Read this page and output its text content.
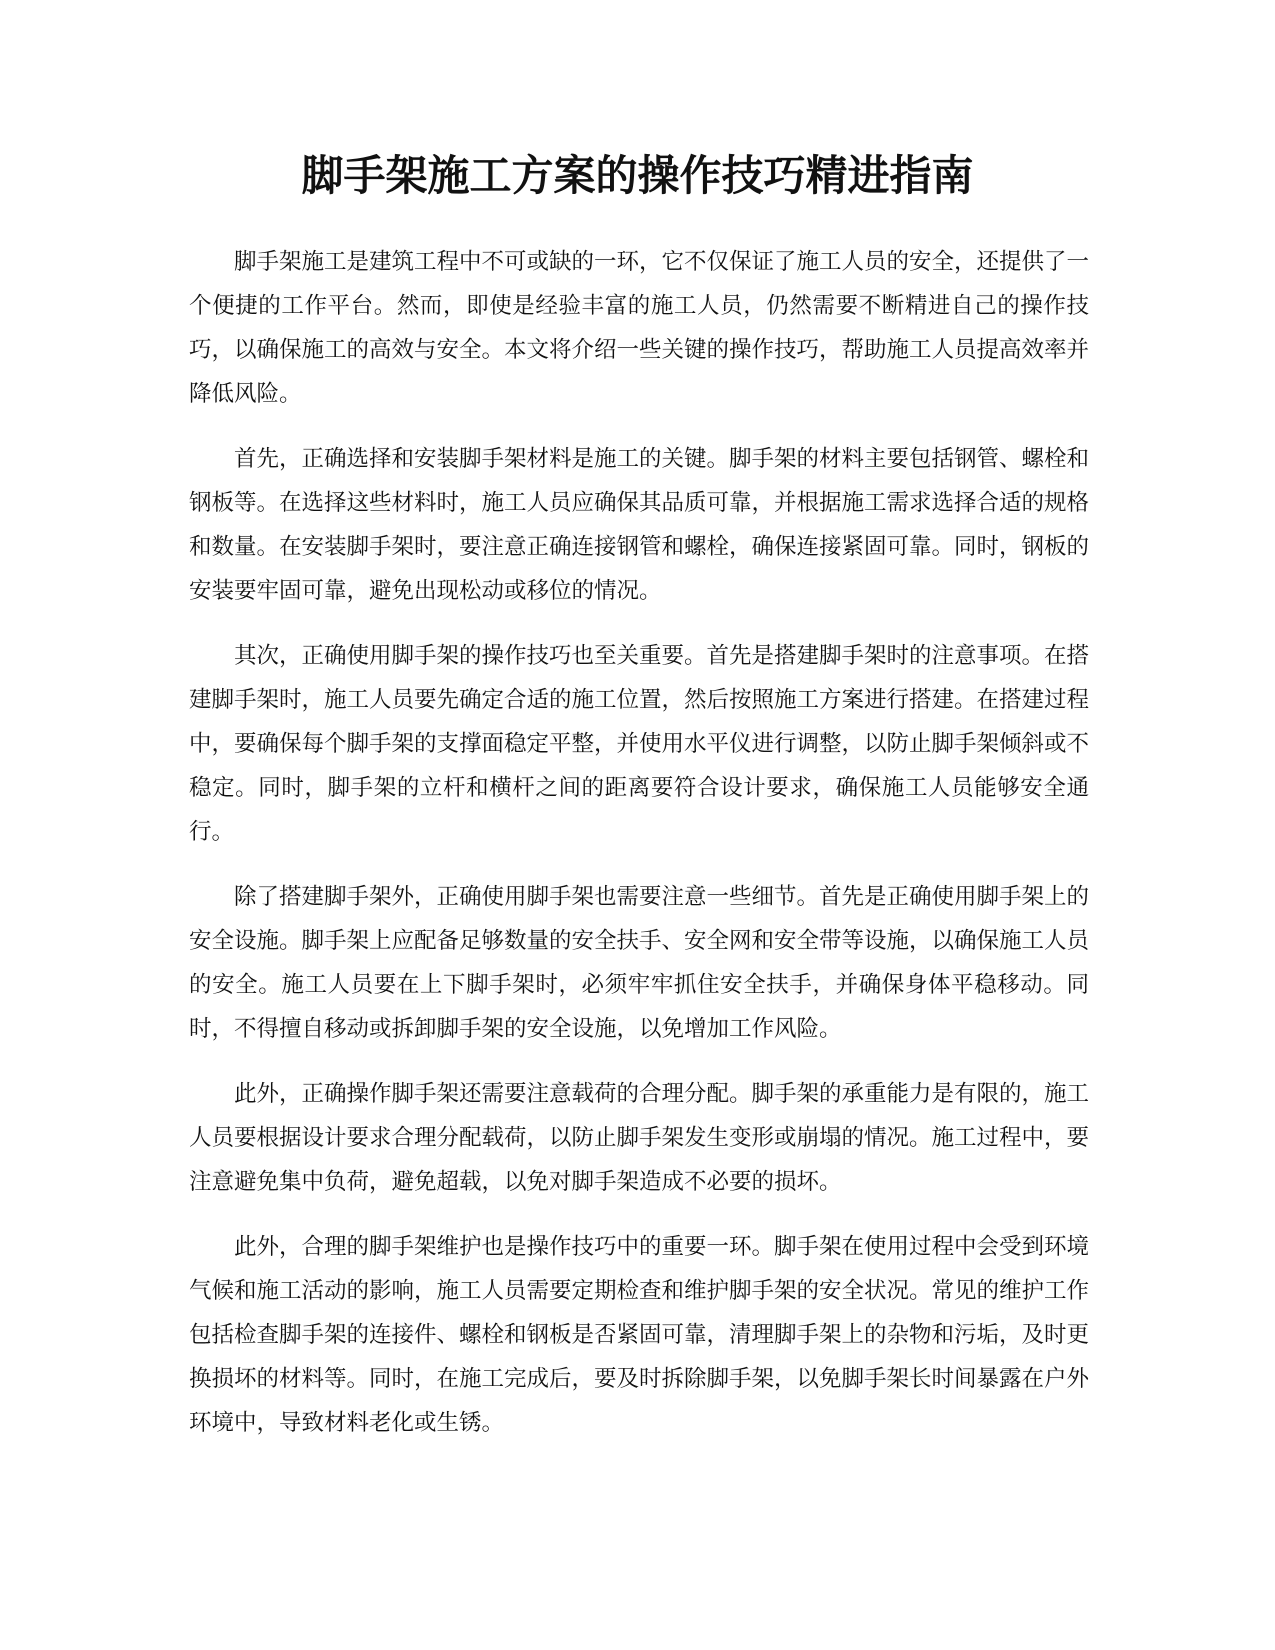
脚手架施工方案的操作技巧精进指南

脚手架施工是建筑工程中不可或缺的一环，它不仅保证了施工人员的安全，还提供了一个便捷的工作平台。然而，即使是经验丰富的施工人员，仍然需要不断精进自己的操作技巧，以确保施工的高效与安全。本文将介绍一些关键的操作技巧，帮助施工人员提高效率并降低风险。

首先，正确选择和安装脚手架材料是施工的关键。脚手架的材料主要包括钢管、螺栓和钢板等。在选择这些材料时，施工人员应确保其品质可靠，并根据施工需求选择合适的规格和数量。在安装脚手架时，要注意正确连接钢管和螺栓，确保连接紧固可靠。同时，钢板的安装要牢固可靠，避免出现松动或移位的情况。

其次，正确使用脚手架的操作技巧也至关重要。首先是搭建脚手架时的注意事项。在搭建脚手架时，施工人员要先确定合适的施工位置，然后按照施工方案进行搭建。在搭建过程中，要确保每个脚手架的支撑面稳定平整，并使用水平仪进行调整，以防止脚手架倾斜或不稳定。同时，脚手架的立杆和横杆之间的距离要符合设计要求，确保施工人员能够安全通行。

除了搭建脚手架外，正确使用脚手架也需要注意一些细节。首先是正确使用脚手架上的安全设施。脚手架上应配备足够数量的安全扶手、安全网和安全带等设施，以确保施工人员的安全。施工人员要在上下脚手架时，必须牢牢抓住安全扶手，并确保身体平稳移动。同时，不得擅自移动或拆卸脚手架的安全设施，以免增加工作风险。

此外，正确操作脚手架还需要注意载荷的合理分配。脚手架的承重能力是有限的，施工人员要根据设计要求合理分配载荷，以防止脚手架发生变形或崩塌的情况。施工过程中，要注意避免集中负荷，避免超载，以免对脚手架造成不必要的损坏。

此外，合理的脚手架维护也是操作技巧中的重要一环。脚手架在使用过程中会受到环境气候和施工活动的影响，施工人员需要定期检查和维护脚手架的安全状况。常见的维护工作包括检查脚手架的连接件、螺栓和钢板是否紧固可靠，清理脚手架上的杂物和污垢，及时更换损坏的材料等。同时，在施工完成后，要及时拆除脚手架，以免脚手架长时间暴露在户外环境中，导致材料老化或生锈。
